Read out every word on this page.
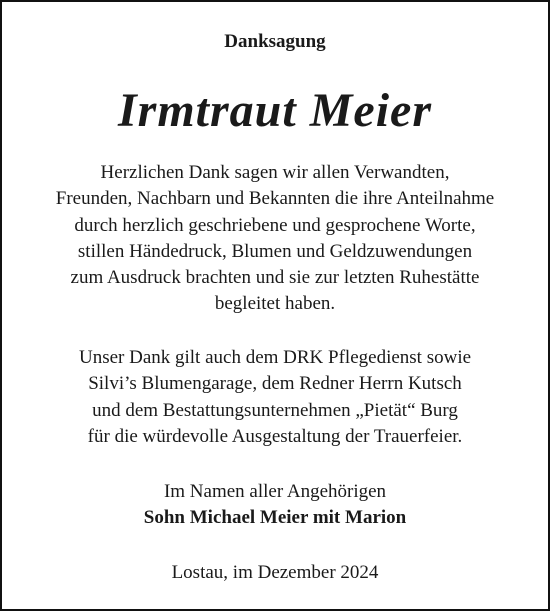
Danksagung
Irmtraut Meier
Herzlichen Dank sagen wir allen Verwandten,
Freunden, Nachbarn und Bekannten die ihre Anteilnahme
durch herzlich geschriebene und gesprochene Worte,
stillen Händedruck, Blumen und Geldzuwendungen
zum Ausdruck brachten und sie zur letzten Ruhestätte
begleitet haben.
Unser Dank gilt auch dem DRK Pflegedienst sowie
Silvi’s Blumengarage, dem Redner Herrn Kutsch
und dem Bestattungsunternehmen „Pietät“ Burg
für die würdevolle Ausgestaltung der Trauerfeier.
Im Namen aller Angehörigen
Sohn Michael Meier mit Marion
Lostau, im Dezember 2024
